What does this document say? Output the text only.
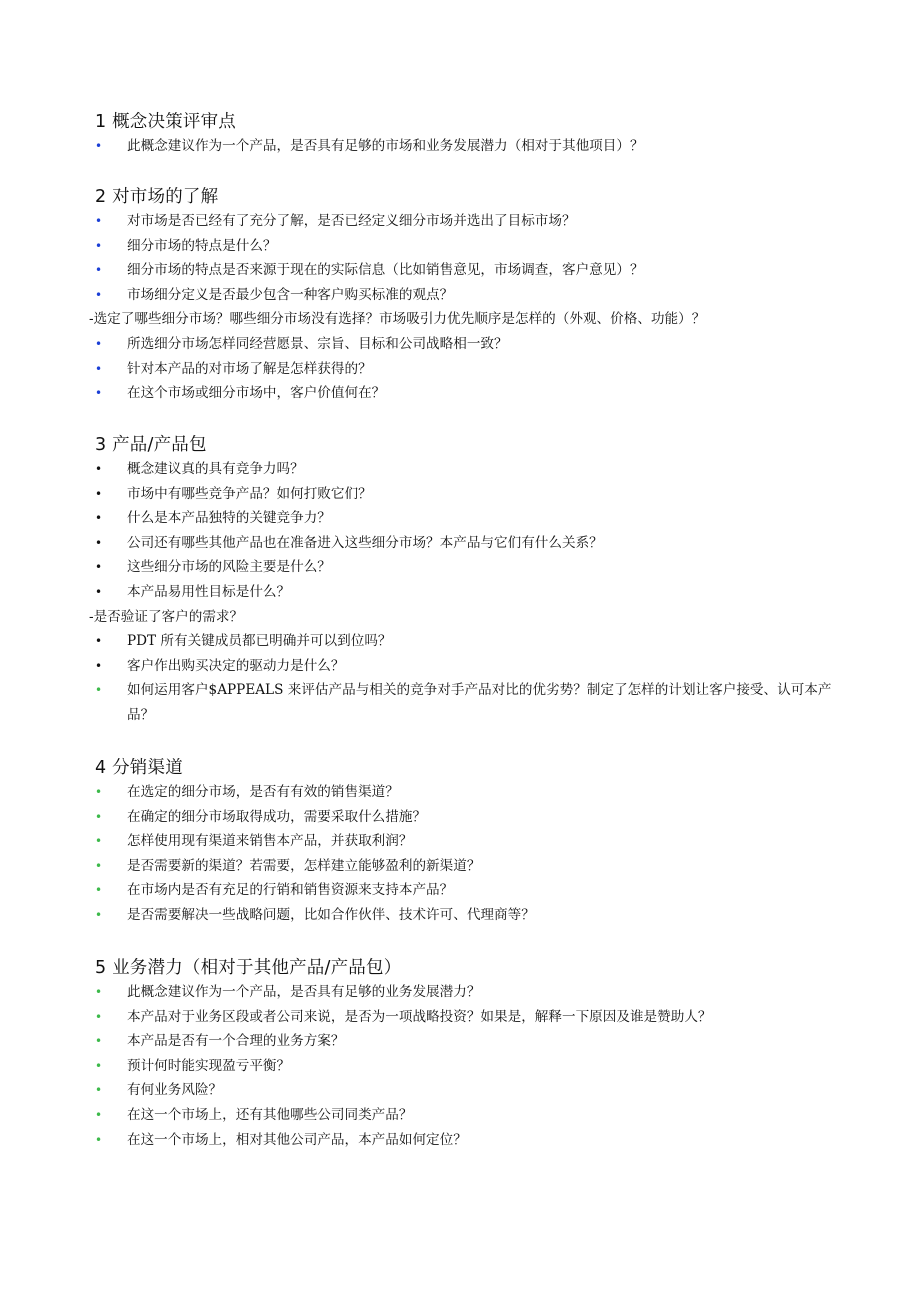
1 概念决策评审点
•	此概念建议作为一个产品，是否具有足够的市场和业务发展潜力（相对于其他项目）？
2 对市场的了解
•	对市场是否已经有了充分了解，是否已经定义细分市场并选出了目标市场？
•	细分市场的特点是什么？
•	细分市场的特点是否来源于现在的实际信息（比如销售意见，市场调查，客户意见）？
•	市场细分定义是否最少包含一种客户购买标准的观点？
-选定了哪些细分市场？哪些细分市场没有选择？市场吸引力优先顺序是怎样的（外观、价格、功能）？
•	所选细分市场怎样同经营愿景、宗旨、目标和公司战略相一致？
•	针对本产品的对市场了解是怎样获得的？
•	在这个市场或细分市场中，客户价值何在？
3 产品/产品包
•	概念建议真的具有竞争力吗？
•	市场中有哪些竞争产品？如何打败它们？
•	什么是本产品独特的关键竞争力？
•	公司还有哪些其他产品也在准备进入这些细分市场？本产品与它们有什么关系？
•	这些细分市场的风险主要是什么？
•	本产品易用性目标是什么？
-是否验证了客户的需求？
•	PDT 所有关键成员都已明确并可以到位吗？
•	客户作出购买决定的驱动力是什么？
•	如何运用客户$APPEALS 来评估产品与相关的竞争对手产品对比的优劣势？制定了怎样的计划让客户接受、认可本产品？
4 分销渠道
•	在选定的细分市场，是否有有效的销售渠道？
•	在确定的细分市场取得成功，需要采取什么措施？
•	怎样使用现有渠道来销售本产品，并获取利润？
•	是否需要新的渠道？若需要，怎样建立能够盈利的新渠道？
•	在市场内是否有充足的行销和销售资源来支持本产品？
•	是否需要解决一些战略问题，比如合作伙伴、技术许可、代理商等？
5 业务潜力（相对于其他产品/产品包）
•	此概念建议作为一个产品，是否具有足够的业务发展潜力？
•	本产品对于业务区段或者公司来说，是否为一项战略投资？如果是，解释一下原因及谁是赞助人？
•	本产品是否有一个合理的业务方案？
•	预计何时能实现盈亏平衡？
•	有何业务风险？
•	在这一个市场上，还有其他哪些公司同类产品？
•	在这一个市场上，相对其他公司产品，本产品如何定位？
